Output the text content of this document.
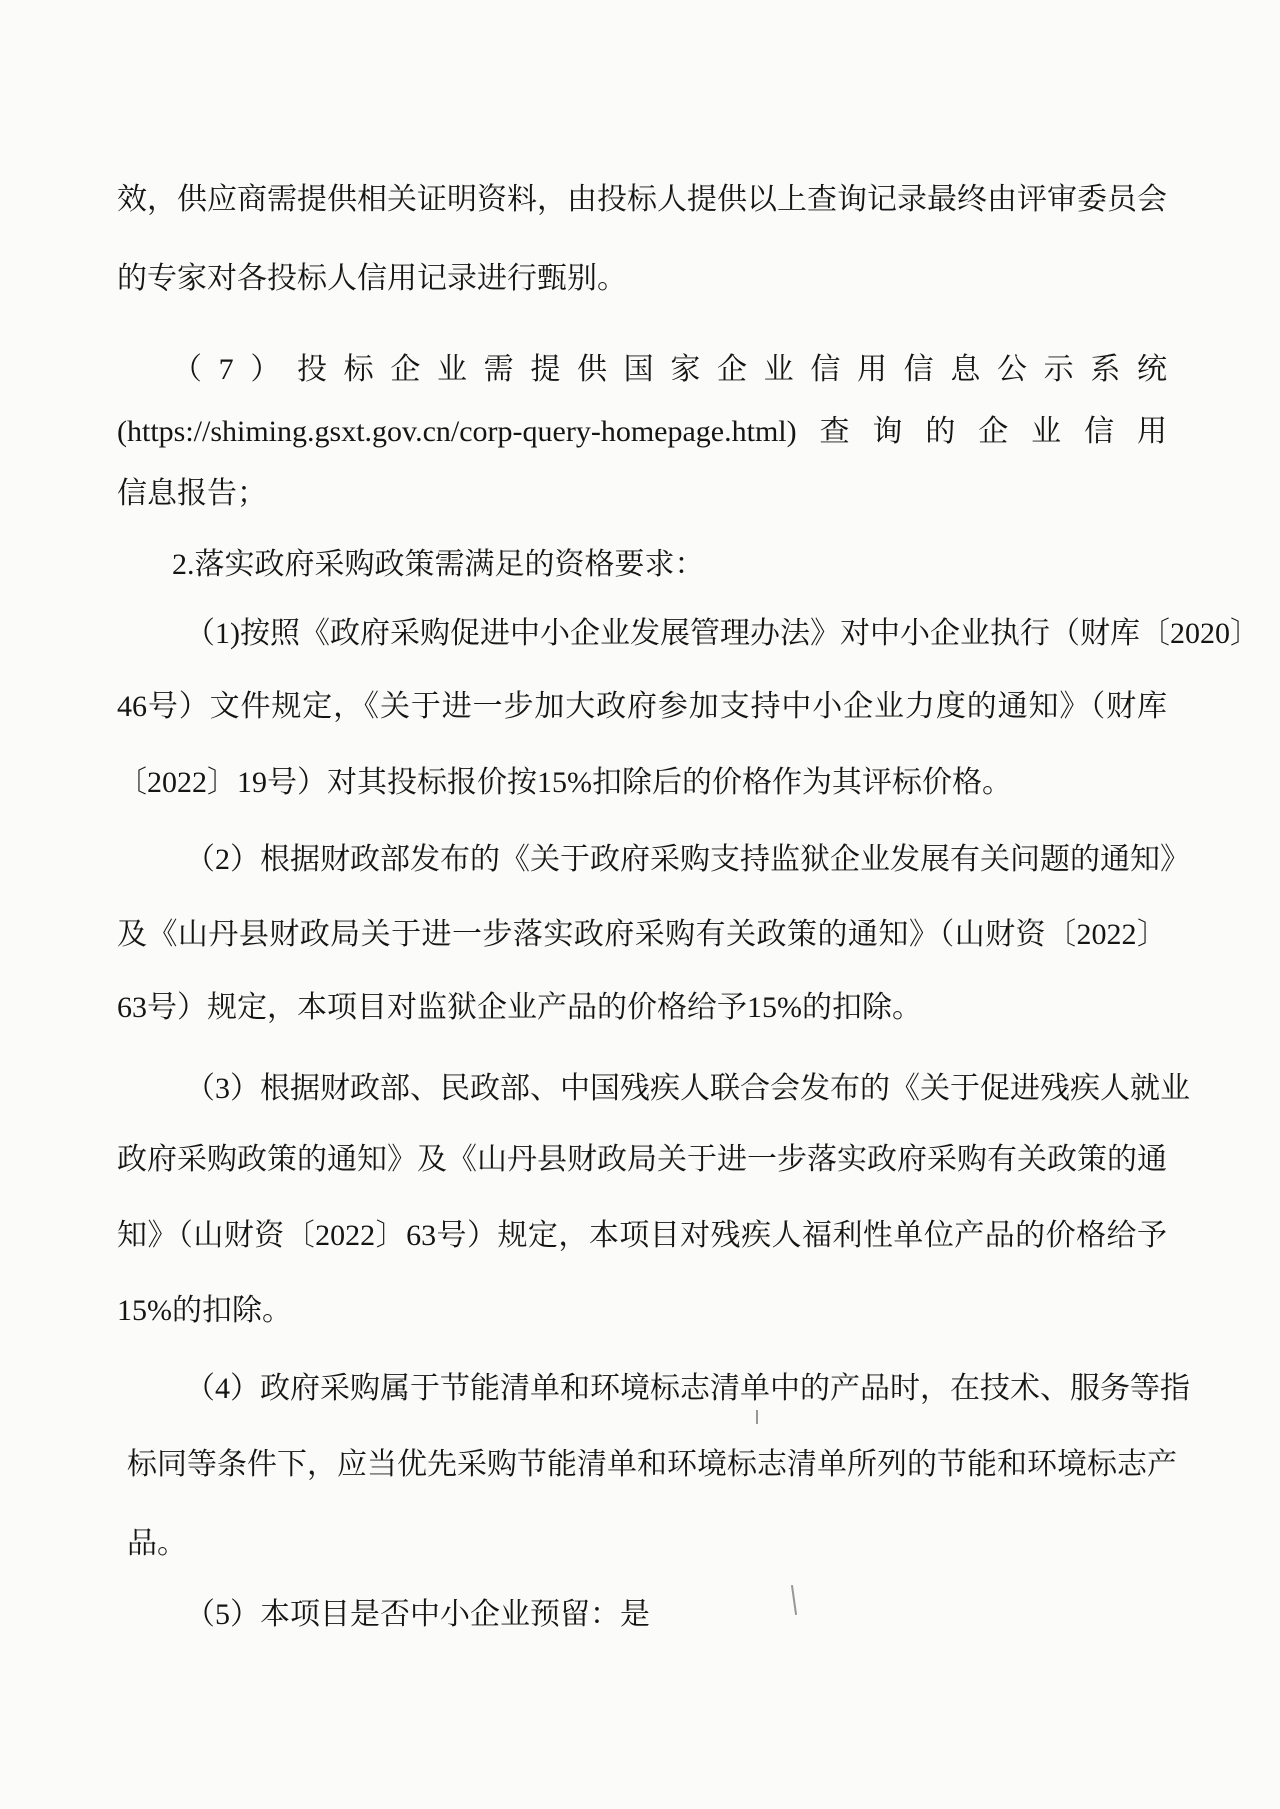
效，供应商需提供相关证明资料，由投标人提供以上查询记录最终由评审委员会
的专家对各投标人信用记录进行甄别。
（7）投标企业需提供国家企业信用信息公示系统
(https://shiming.gsxt.gov.cn/corp-query-homepage.html)查询的企业信用
信息报告；
2.落实政府采购政策需满足的资格要求：
（1)按照《政府采购促进中小企业发展管理办法》对中小企业执行（财库〔2020〕
46号）文件规定，《关于进一步加大政府参加支持中小企业力度的通知》（财库
〔2022〕19号）对其投标报价按15%扣除后的价格作为其评标价格。
（2）根据财政部发布的《关于政府采购支持监狱企业发展有关问题的通知》
及《山丹县财政局关于进一步落实政府采购有关政策的通知》（山财资〔2022〕
63号）规定，本项目对监狱企业产品的价格给予15%的扣除。
（3）根据财政部、民政部、中国残疾人联合会发布的《关于促进残疾人就业
政府采购政策的通知》及《山丹县财政局关于进一步落实政府采购有关政策的通
知》（山财资〔2022〕63号）规定，本项目对残疾人福利性单位产品的价格给予
15%的扣除。
（4）政府采购属于节能清单和环境标志清单中的产品时，在技术、服务等指
标同等条件下，应当优先采购节能清单和环境标志清单所列的节能和环境标志产
品。
（5）本项目是否中小企业预留：是
